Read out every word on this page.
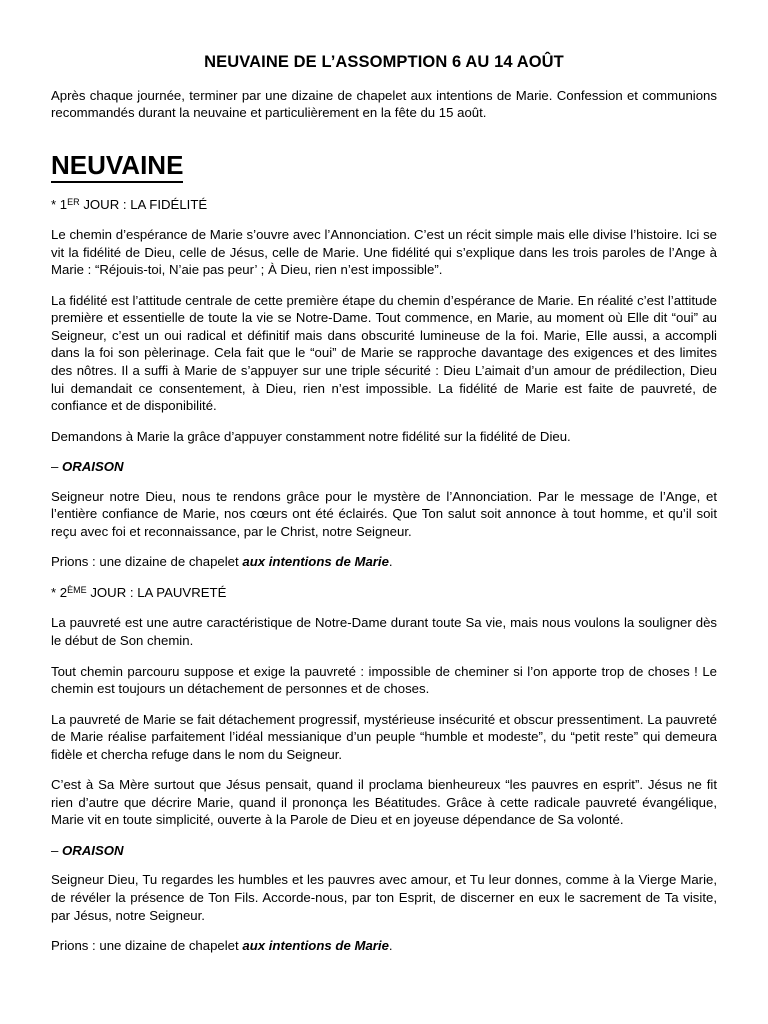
NEUVAINE DE L’ASSOMPTION 6 AU 14 AOÛT

Après chaque journée, terminer par une dizaine de chapelet aux intentions de Marie. Confession et communions recommandés durant la neuvaine et particulièrement en la fête du 15 août.

NEUVAINE

* 1ER JOUR : LA FIDÉLITÉ

Le chemin d’espérance de Marie s’ouvre avec l’Annonciation. C’est un récit simple mais elle divise l’histoire. Ici se vit la fidélité de Dieu, celle de Jésus, celle de Marie. Une fidélité qui s’explique dans les trois paroles de l’Ange à Marie : “Réjouis-toi, N’aie pas peur’ ; À Dieu, rien n’est impossible”.

La fidélité est l’attitude centrale de cette première étape du chemin d’espérance de Marie. En réalité c’est l’attitude première et essentielle de toute la vie se Notre-Dame. Tout commence, en Marie, au moment où Elle dit “oui” au Seigneur, c’est un oui radical et définitif mais dans obscurité lumineuse de la foi. Marie, Elle aussi, a accompli dans la foi son pèlerinage. Cela fait que le “oui” de Marie se rapproche davantage des exigences et des limites des nôtres. Il a suffi à Marie de s’appuyer sur une triple sécurité : Dieu L’aimait d’un amour de prédilection, Dieu lui demandait ce consentement, à Dieu, rien n’est impossible. La fidélité de Marie est faite de pauvreté, de confiance et de disponibilité.

Demandons à Marie la grâce d’appuyer constamment notre fidélité sur la fidélité de Dieu.

– ORAISON

Seigneur notre Dieu, nous te rendons grâce pour le mystère de l’Annonciation. Par le message de l’Ange, et l’entière confiance de Marie, nos cœurs ont été éclairés. Que Ton salut soit annonce à tout homme, et qu’il soit reçu avec foi et reconnaissance, par le Christ, notre Seigneur.

Prions : une dizaine de chapelet aux intentions de Marie.

* 2ÈME JOUR : LA PAUVRETÉ

La pauvreté est une autre caractéristique de Notre-Dame durant toute Sa vie, mais nous voulons la souligner dès le début de Son chemin.

Tout chemin parcouru suppose et exige la pauvreté : impossible de cheminer si l’on apporte trop de choses ! Le chemin est toujours un détachement de personnes et de choses.

La pauvreté de Marie se fait détachement progressif, mystérieuse insécurité et obscur pressentiment. La pauvreté de Marie réalise parfaitement l’idéal messianique d’un peuple “humble et modeste”, du “petit reste” qui demeura fidèle et chercha refuge dans le nom du Seigneur.

C’est à Sa Mère surtout que Jésus pensait, quand il proclama bienheureux “les pauvres en esprit”. Jésus ne fit rien d’autre que décrire Marie, quand il prononça les Béatitudes. Grâce à cette radicale pauvreté évangélique, Marie vit en toute simplicité, ouverte à la Parole de Dieu et en joyeuse dépendance de Sa volonté.

– ORAISON

Seigneur Dieu, Tu regardes les humbles et les pauvres avec amour, et Tu leur donnes, comme à la Vierge Marie, de révéler la présence de Ton Fils. Accorde-nous, par ton Esprit, de discerner en eux le sacrement de Ta visite, par Jésus, notre Seigneur.

Prions : une dizaine de chapelet aux intentions de Marie.
